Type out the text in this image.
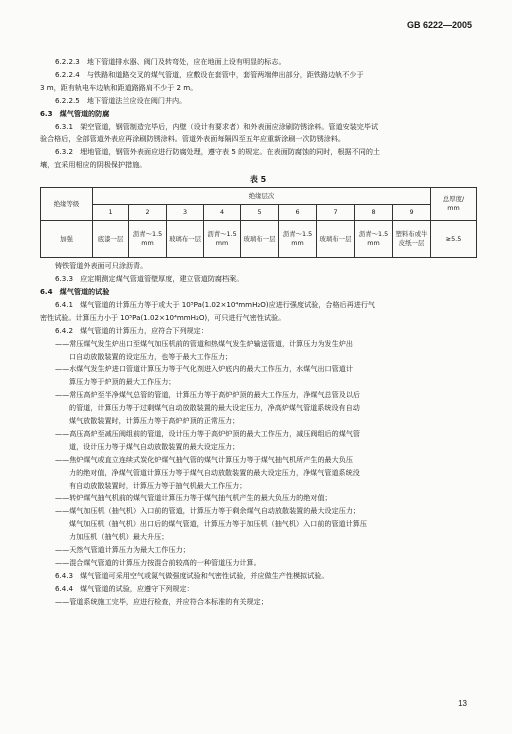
GB 6222—2005
6.2.2.3　地下管道排水器、阀门及转弯处，应在地面上设有明显的标志。
6.2.2.4　与铁路和道路交叉的煤气管道，应敷设在套管中，套管两端伸出部分，距铁路边轨不少于
3 m，距有轨电车边轨和距道路路肩不少于 2 m。
6.2.2.5　地下管道法兰应设在阀门井内。
6.3　煤气管道的防腐
6.3.1　架空管道，钢管制造完毕后，内壁（设计有要求者）和外表面应涂刷防锈涂料。管道安装完毕试
验合格后，全部管道外表应再涂刷防锈涂料。管道外表面每隔四至五年应重新涂刷一次防锈涂料。
6.3.2　埋地管道，钢管外表面应进行防腐处理，遵守表 5 的规定。在表面防腐蚀的同时，根据不同的土
壤，宜采用相应的阴极保护措施。
表 5
绝缘等级	绝缘层次									总厚度/
mm
	1	2	3	4	5	6	7	8	9	
加强	底漆一层	沥青～1.5 mm	玻璃布一层	沥青～1.5 mm	玻璃布一层	沥青～1.5 mm	玻璃布一层	沥青～1.5 mm	塑料布或牛皮纸一层	≥5.5
铸铁管道外表面可只涂沥青。
6.3.3　应定期测定煤气管道管壁厚度，建立管道防腐档案。
6.4　煤气管道的试验
6.4.1　煤气管道的计算压力等于或大于 10⁵Pa(1.02×10⁴mmH₂O)应进行强度试验，合格后再进行气
密性试验。计算压力小于 10⁵Pa(1.02×10⁴mmH₂O)，可只进行气密性试验。
6.4.2　煤气管道的计算压力，应符合下列规定：
——常压煤气发生炉出口至煤气加压机前的管道和热煤气发生炉输送管道，计算压力为发生炉出
口自动放散装置的设定压力，也等于最大工作压力；
——水煤气发生炉进口管道计算压力等于气化剂进入炉底内的最大工作压力，水煤气出口管道计
算压力等于炉顶的最大工作压力；
——常压高炉至半净煤气总管的管道，计算压力等于高炉炉顶的最大工作压力，净煤气总管及以后
的管道，计算压力等于过剩煤气自动放散装置的最大设定压力，净高炉煤气管道系统设有自动
煤气放散装置时，计算压力等于高炉炉顶的正常压力；
——高压高炉至减压阀组前的管道，设计压力等于高炉炉顶的最大工作压力，减压阀组后的煤气管
道，设计压力等于煤气自动放散装置的最大设定压力；
——焦炉煤气或直立连续式炭化炉煤气抽气管的煤气计算压力等于煤气抽气机所产生的最大负压
力的绝对值，净煤气管道计算压力等于煤气自动放散装置的最大设定压力，净煤气管道系统没
有自动放散装置时，计算压力等于抽气机最大工作压力；
——转炉煤气抽气机前的煤气管道计算压力等于煤气抽气机产生的最大负压力的绝对值；
——煤气加压机（抽气机）入口前的管道，计算压力等于剩余煤气自动放散装置的最大设定压力；
煤气加压机（抽气机）出口后的煤气管道，计算压力等于加压机（抽气机）入口前的管道计算压
力加压机（抽气机）最大升压；
——天然气管道计算压力为最大工作压力；
——混合煤气管道的计算压力按混合前较高的一种管道压力计算。
6.4.3　煤气管道可采用空气或氮气做强度试验和气密性试验，并应做生产性模拟试验。
6.4.4　煤气管道的试验，应遵守下列规定：
——管道系统施工完毕，应进行检查，并应符合本标准的有关规定；
13
